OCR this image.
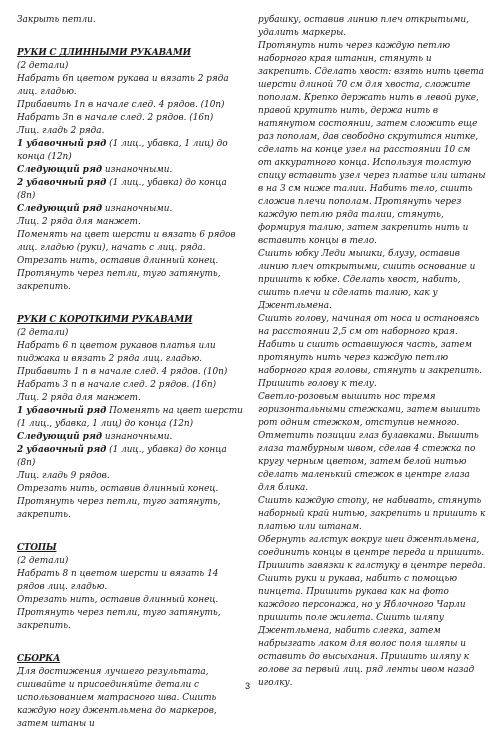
Закрыть петли.

РУКИ С ДЛИННЫМИ РУКАВАМИ

(2 детали)

Набрать 6п цветом рукава и вязать 2 ряда лиц. гладью.

Прибавить 1п в начале след. 4 рядов. (10п)

Набрать 3п в начале след. 2 рядов. (16п)

Лиц. гладь 2 ряда.

1 убавочный ряд (1 лиц., убавка, 1 лиц) до конца (12п)

Следующий ряд изнаночными.

2 убавочный ряд (1 лиц., убавка) до конца (8п)

Следующий ряд изнаночными.

Лиц. 2 ряда для манжет.

Поменять на цвет шерсти и вязать 6 рядов лиц. гладью (руки), начать с лиц. ряда.

Отрезать нить, оставив длинный конец. Протянуть через петли, туго затянуть, закрепить.

РУКИ С КОРОТКИМИ РУКАВАМИ

(2 детали)

Набрать 6 п цветом рукавов платья или пиджака и вязать 2 ряда лиц. гладью.

Прибавить 1 п в начале след. 4 рядов. (10п)

Набрать 3 п в начале след. 2 рядов. (16п)

Лиц. 2 ряда для манжет.

1 убавочный ряд Поменять на цвет шерсти (1 лиц., убавка, 1 лиц) до конца (12п)

Следующий ряд изнаночными.

2 убавочный ряд (1 лиц., убавка) до конца (8п)

Лиц. гладь 9 рядов.

Отрезать нить, оставив длинный конец. Протянуть через петли, туго затянуть, закрепить.

СТОПЫ

(2 детали)

Набрать 8 п цветом шерсти и вязать 14 рядов лиц. гладью.

Отрезать нить, оставив длинный конец. Протянуть через петли, туго затянуть, закрепить.

СБОРКА

Для достижения лучшего результата, сшивайте и присоединяйте детали с использованием матрасного шва. Сшить каждую ногу джентльмена до маркеров, затем штаны и

рубашку, оставив линию плеч открытыми, удалить маркеры.

Протянуть нить через каждую петлю наборного края штанин, стянуть и закрепить. Сделать хвост: взять нить цвета шерсти длиной 70 см для хвоста, сложите пополам. Крепко держать нить в левой руке, правой крутить нить, держа нить в натянутом состоянии, затем сложить еще раз пополам, дав свободно скрутится нитке, сделать на конце узел на расстоянии 10 см от аккуратного конца. Используя толстую спицу вставить узел через платье или штаны в на 3 см ниже талии. Набить тело, сшить сложив плечи пополам. Протянуть через каждую петлю ряда талии, стянуть, формируя талию, затем закрепить нить и вставить концы в тело.

Сшить юбку Леди мышки, блузу, оставив линию плеч открытыми, сшить основание и пришить к юбке. Сделать хвост, набить, сшить плечи и сделать талию, как у Джентльмена.

Сшить голову, начиная от носа и остановясь на расстоянии 2,5 см от наборного края. Набить и сшить оставшуюся часть, затем протянуть нить через каждую петлю наборного края головы, стянуть и закрепить. Пришить голову к телу.

Светло-розовым вышить нос тремя горизонтальными стежками, затем вышить рот одним стежком, отступив немного.

Отметить позиции глаз булавками. Вышить глаза тамбурным швом, сделав 4 стежка по кругу черным цветом, затем белой нитью сделать маленький стежок в центре глаза для блика.

Сшить каждую стопу, не набивать, стянуть наборный край нитью, закрепить и пришить к платью или штанам.

Обернуть галстук вокруг шеи джентльмена, соединить концы в центре переда и пришить. Пришить завязки к галстуку в центре переда.

Сшить руки и рукава, набить с помощью пинцета. Пришить рукава как на фото каждого персонажа, но у Яблочного Чарли пришить поле жилета. Сшить шляпу Джентльмена, набить слегка, затем набрызгать лаком для волос поля шляпы и оставить до высыхания. Пришить шляпу к голове за первый лиц. ряд ленты ивом назад иголку.

3
